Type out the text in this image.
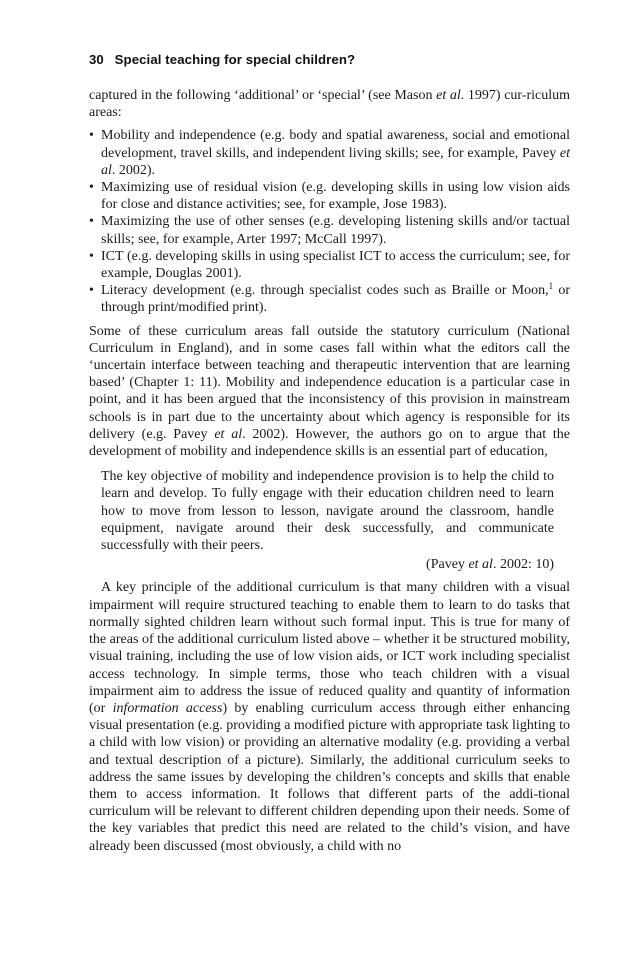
30 Special teaching for special children?

captured in the following ‘additional’ or ‘special’ (see Mason et al. 1997) cur-riculum areas:

• Mobility and independence (e.g. body and spatial awareness, social and emotional development, travel skills, and independent living skills; see, for example, Pavey et al. 2002).
• Maximizing use of residual vision (e.g. developing skills in using low vision aids for close and distance activities; see, for example, Jose 1983).
• Maximizing the use of other senses (e.g. developing listening skills and/or tactual skills; see, for example, Arter 1997; McCall 1997).
• ICT (e.g. developing skills in using specialist ICT to access the curriculum; see, for example, Douglas 2001).
• Literacy development (e.g. through specialist codes such as Braille or Moon,$^1$ or through print/modified print).

Some of these curriculum areas fall outside the statutory curriculum (National Curriculum in England), and in some cases fall within what the editors call the ‘uncertain interface between teaching and therapeutic intervention that are learning based’ (Chapter 1: 11). Mobility and independence education is a particular case in point, and it has been argued that the inconsistency of this provision in mainstream schools is in part due to the uncertainty about which agency is responsible for its delivery (e.g. Pavey et al. 2002). However, the authors go on to argue that the development of mobility and independence skills is an essential part of education,

The key objective of mobility and independence provision is to help the child to learn and develop. To fully engage with their education children need to learn how to move from lesson to lesson, navigate around the classroom, handle equipment, navigate around their desk successfully, and communicate successfully with their peers.

(Pavey et al. 2002: 10)

A key principle of the additional curriculum is that many children with a visual impairment will require structured teaching to enable them to learn to do tasks that normally sighted children learn without such formal input. This is true for many of the areas of the additional curriculum listed above – whether it be structured mobility, visual training, including the use of low vision aids, or ICT work including specialist access technology. In simple terms, those who teach children with a visual impairment aim to address the issue of reduced quality and quantity of information (or information access) by enabling curriculum access through either enhancing visual presentation (e.g. providing a modified picture with appropriate task lighting to a child with low vision) or providing an alternative modality (e.g. providing a verbal and textual description of a picture). Similarly, the additional curriculum seeks to address the same issues by developing the children’s concepts and skills that enable them to access information. It follows that different parts of the addi-tional curriculum will be relevant to different children depending upon their needs. Some of the key variables that predict this need are related to the child’s vision, and have already been discussed (most obviously, a child with no
